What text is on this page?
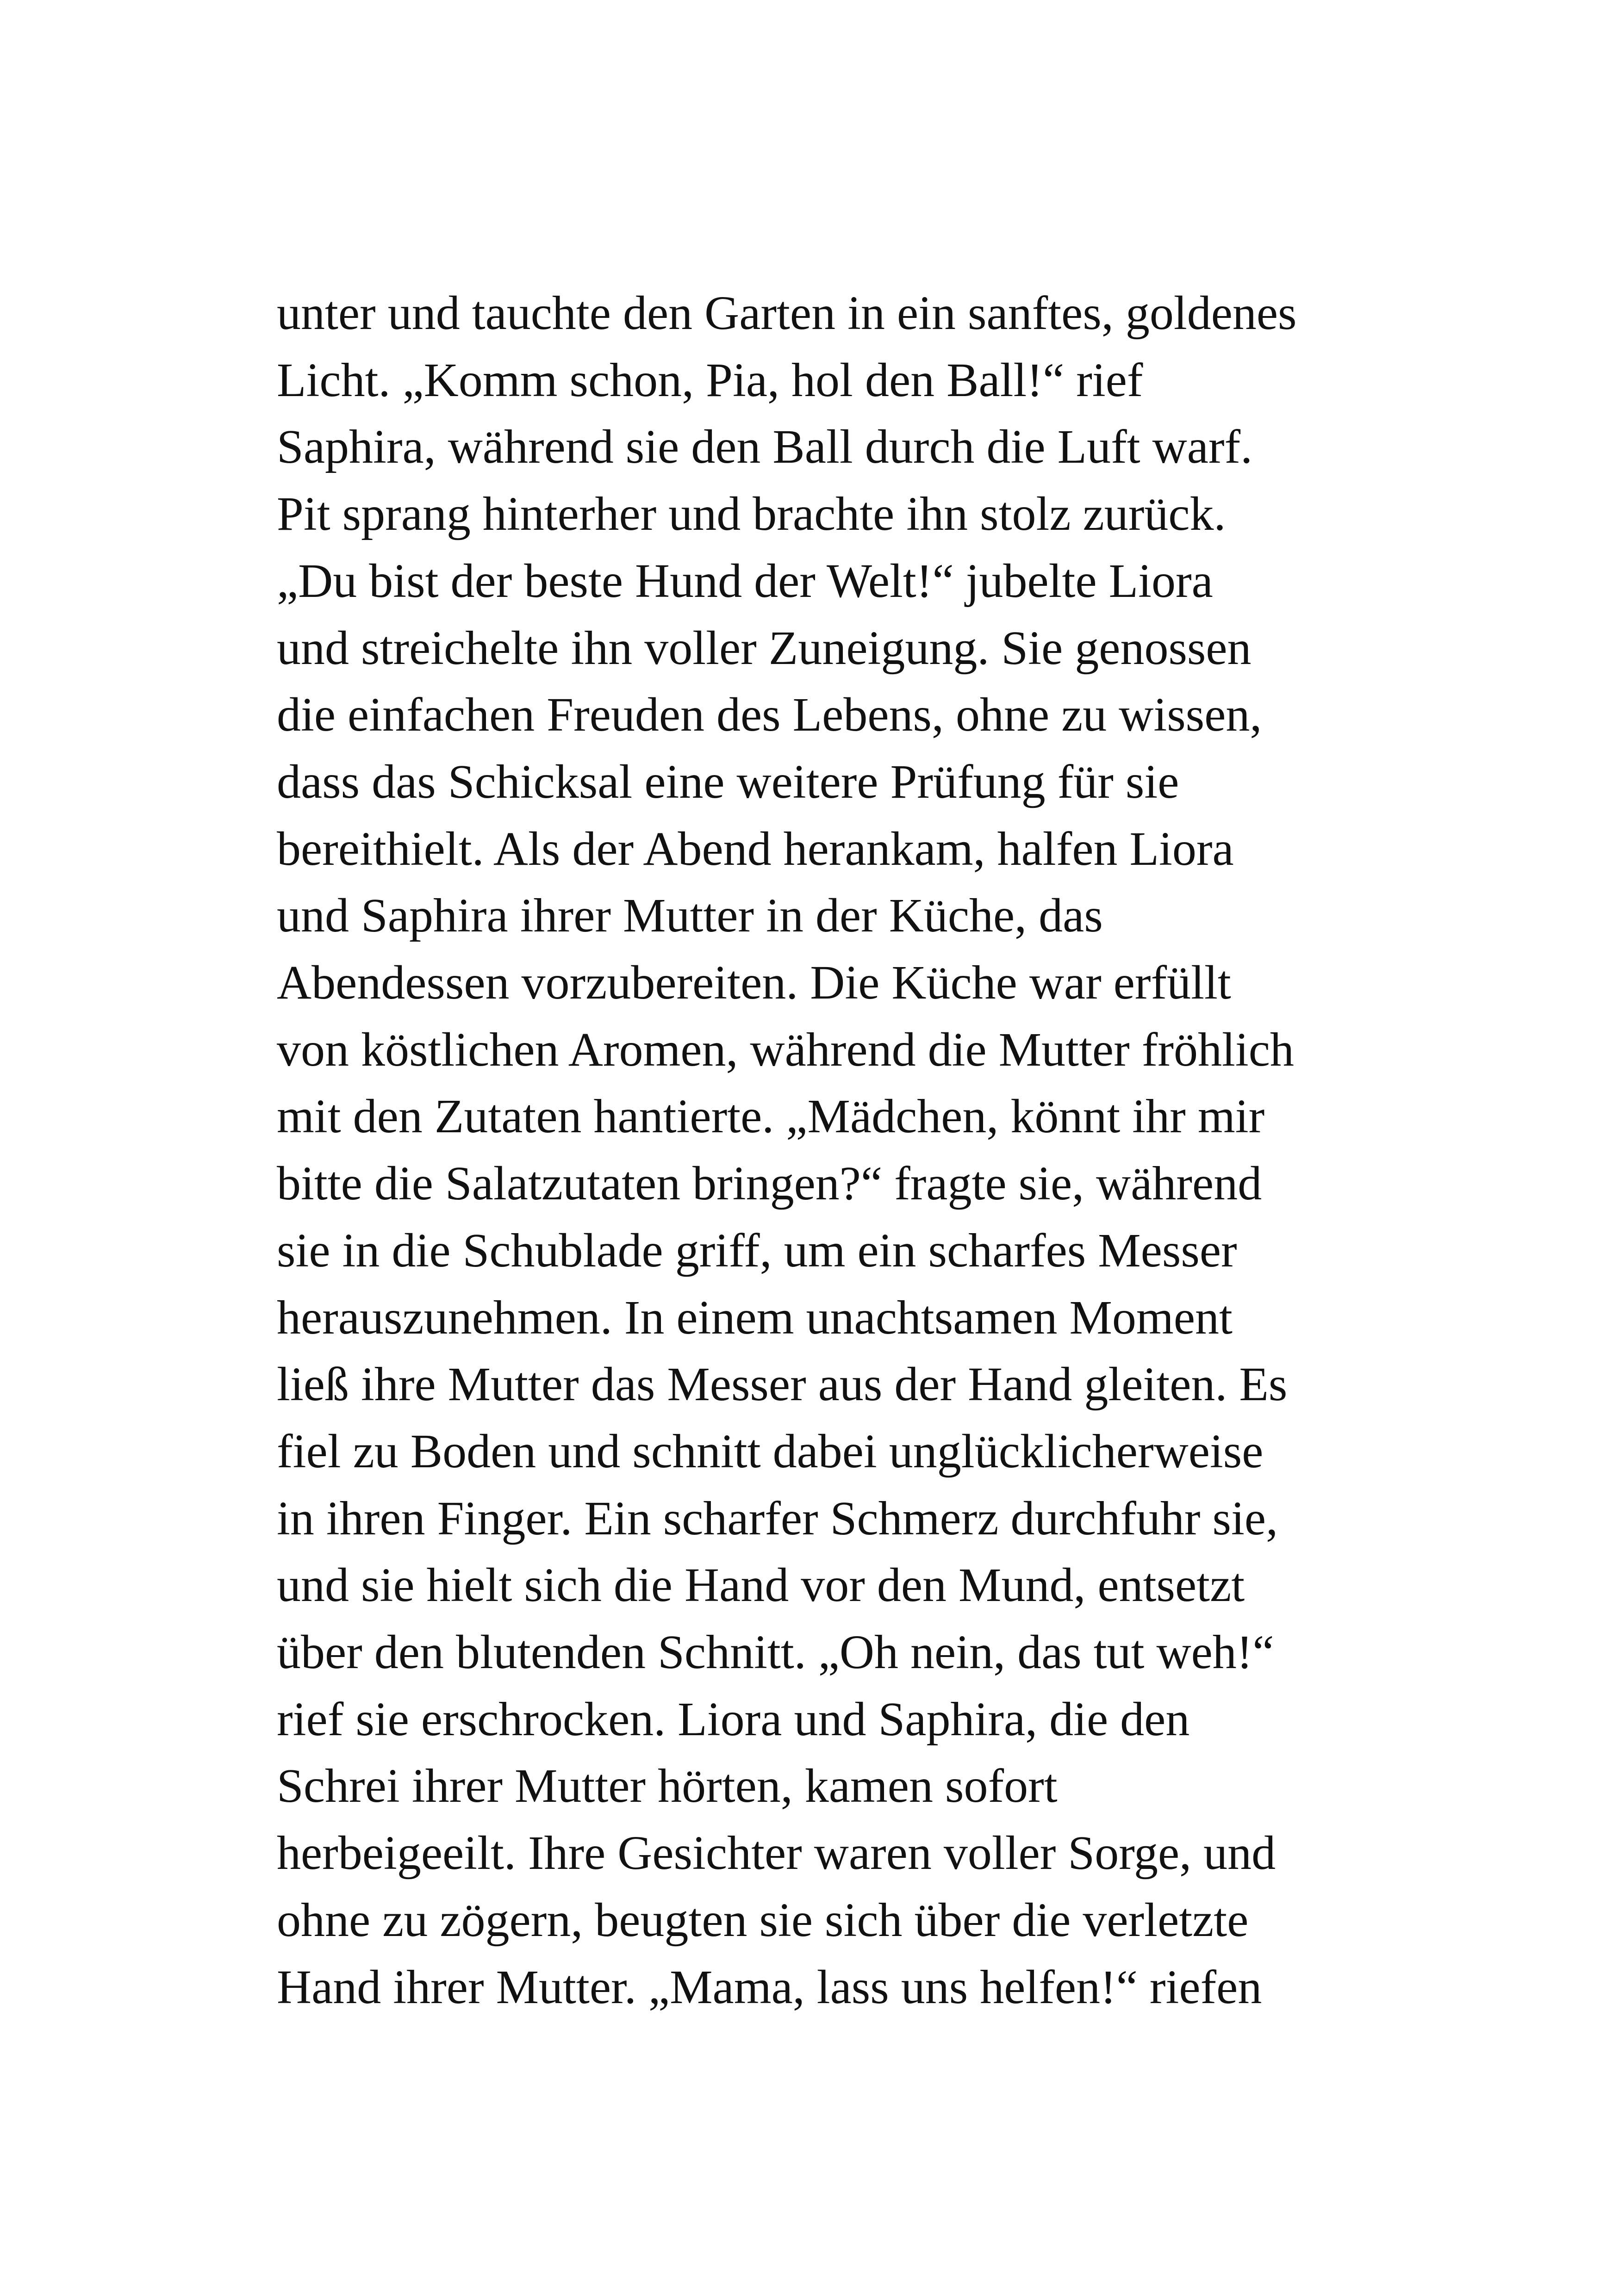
unter und tauchte den Garten in ein sanftes, goldenes
Licht. „Komm schon, Pia, hol den Ball!“ rief
Saphira, während sie den Ball durch die Luft warf.
Pit sprang hinterher und brachte ihn stolz zurück.
„Du bist der beste Hund der Welt!“ jubelte Liora
und streichelte ihn voller Zuneigung. Sie genossen
die einfachen Freuden des Lebens, ohne zu wissen,
dass das Schicksal eine weitere Prüfung für sie
bereithielt. Als der Abend herankam, halfen Liora
und Saphira ihrer Mutter in der Küche, das
Abendessen vorzubereiten. Die Küche war erfüllt
von köstlichen Aromen, während die Mutter fröhlich
mit den Zutaten hantierte. „Mädchen, könnt ihr mir
bitte die Salatzutaten bringen?“ fragte sie, während
sie in die Schublade griff, um ein scharfes Messer
herauszunehmen. In einem unachtsamen Moment
ließ ihre Mutter das Messer aus der Hand gleiten. Es
fiel zu Boden und schnitt dabei unglücklicherweise
in ihren Finger. Ein scharfer Schmerz durchfuhr sie,
und sie hielt sich die Hand vor den Mund, entsetzt
über den blutenden Schnitt. „Oh nein, das tut weh!“
rief sie erschrocken. Liora und Saphira, die den
Schrei ihrer Mutter hörten, kamen sofort
herbeigeeilt. Ihre Gesichter waren voller Sorge, und
ohne zu zögern, beugten sie sich über die verletzte
Hand ihrer Mutter. „Mama, lass uns helfen!“ riefen
